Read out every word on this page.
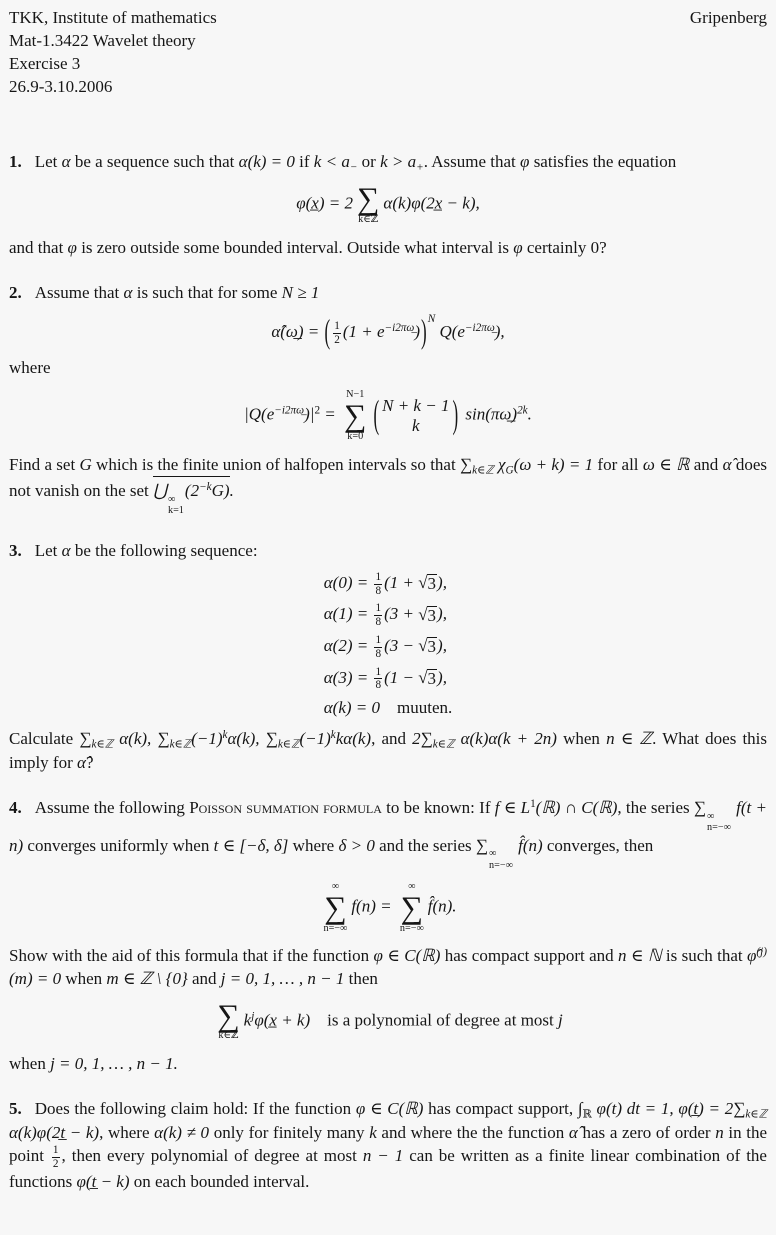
TKK, Institute of mathematics
Mat-1.3422 Wavelet theory
Exercise 3
26.9-3.10.2006
Gripenberg
1. Let α be a sequence such that α(k) = 0 if $k < a_-$ or $k > a_+$. Assume that φ satisfies the equation
φ(x̲) = 2 ∑
k∈ℤ
α(k)φ(2x̲ − k),
and that φ is zero outside some bounded interval. Outside what interval is φ certainly 0?
2. Assume that α is such that for some N ≥ 1
α̂(ω̲) = ( $\frac{1}{2} (1 + e^{-i2\pi\omega̲}))^N$ $Q(e^{-i2\pi\omega̲})$,
where
$|Q(e^{-i2\pi\omega̲})|^2$ =
N−1
∑
k=0
( N + k − 1
k ) sin(πω̲)$^{2k}$.
Find a set G which is the finite union of halfopen intervals so that $\sum_{k\in ℤ}$ $\chi_G(\omega + k) = 1$ for all ω ∈ ℝ and α̂ does not vanish on the set ⋃ ∞
k=1
$(2^{-k}G)$.
3. Let α be the following sequence:
$\alpha(0) = \frac{1}{8} (1$ + √ 3 ),
$\alpha(1) = \frac{1}{8} (3$ + √ 3 ),
$\alpha(2) = \frac{1}{8} (3$ − √ 3 ),
$\alpha(3) = \frac{1}{8} (1$ − √ 3 ),
α(k) = 0 muuten.
Calculate $\sum_{k\in ℤ}$ α(k), $\sum_{k\in ℤ}(-1)^k\alpha(k)$, $\sum_{k\in ℤ}(-1)^kk\alpha(k)$, and $2\sum_{k\in ℤ}$ α(k)α(k + 2n) when n ∈ ℤ. What does this imply for α̂?
4. Assume the following Poisson summation formula to be known: If f ∈ $L^1(ℝ)$ ∩ C(ℝ), the series ∑ ∞
n=−∞
f(t + n) converges uniformly when t ∈ [−δ, δ] where δ > 0 and the series ∑ ∞
n=−∞
f̂(n) converges, then
∞
∑
n=−∞
f(n) =
∞
∑
n=−∞
f̂(n).
Show with the aid of this formula that if the function φ ∈ C(ℝ) has compact support and n ∈ ℕ is such that φ̂$^{(j)}$(m) = 0 when m ∈ ℤ \ {0} and j = 0, 1, … , n − 1 then
∑
k∈ℤ
$k^j\varphi(x̲ + k)$ is a polynomial of degree at most j
when j = 0, 1, … , n − 1.
5. Does the following claim hold: If the function φ ∈ C(ℝ) has compact support, $\int_ℝ$ φ(t) dt = 1, φ(t̲) = $2\sum_{k\in ℤ}$ α(k)φ(2t̲ − k), where α(k) ≠ 0 only for finitely many k and where the the function α̂ has a zero of order n in the point $\frac{1}{2}$ , then every polynomial of degree at most n − 1 can be written as a finite linear combination of the functions φ(t̲ − k) on each bounded interval.
